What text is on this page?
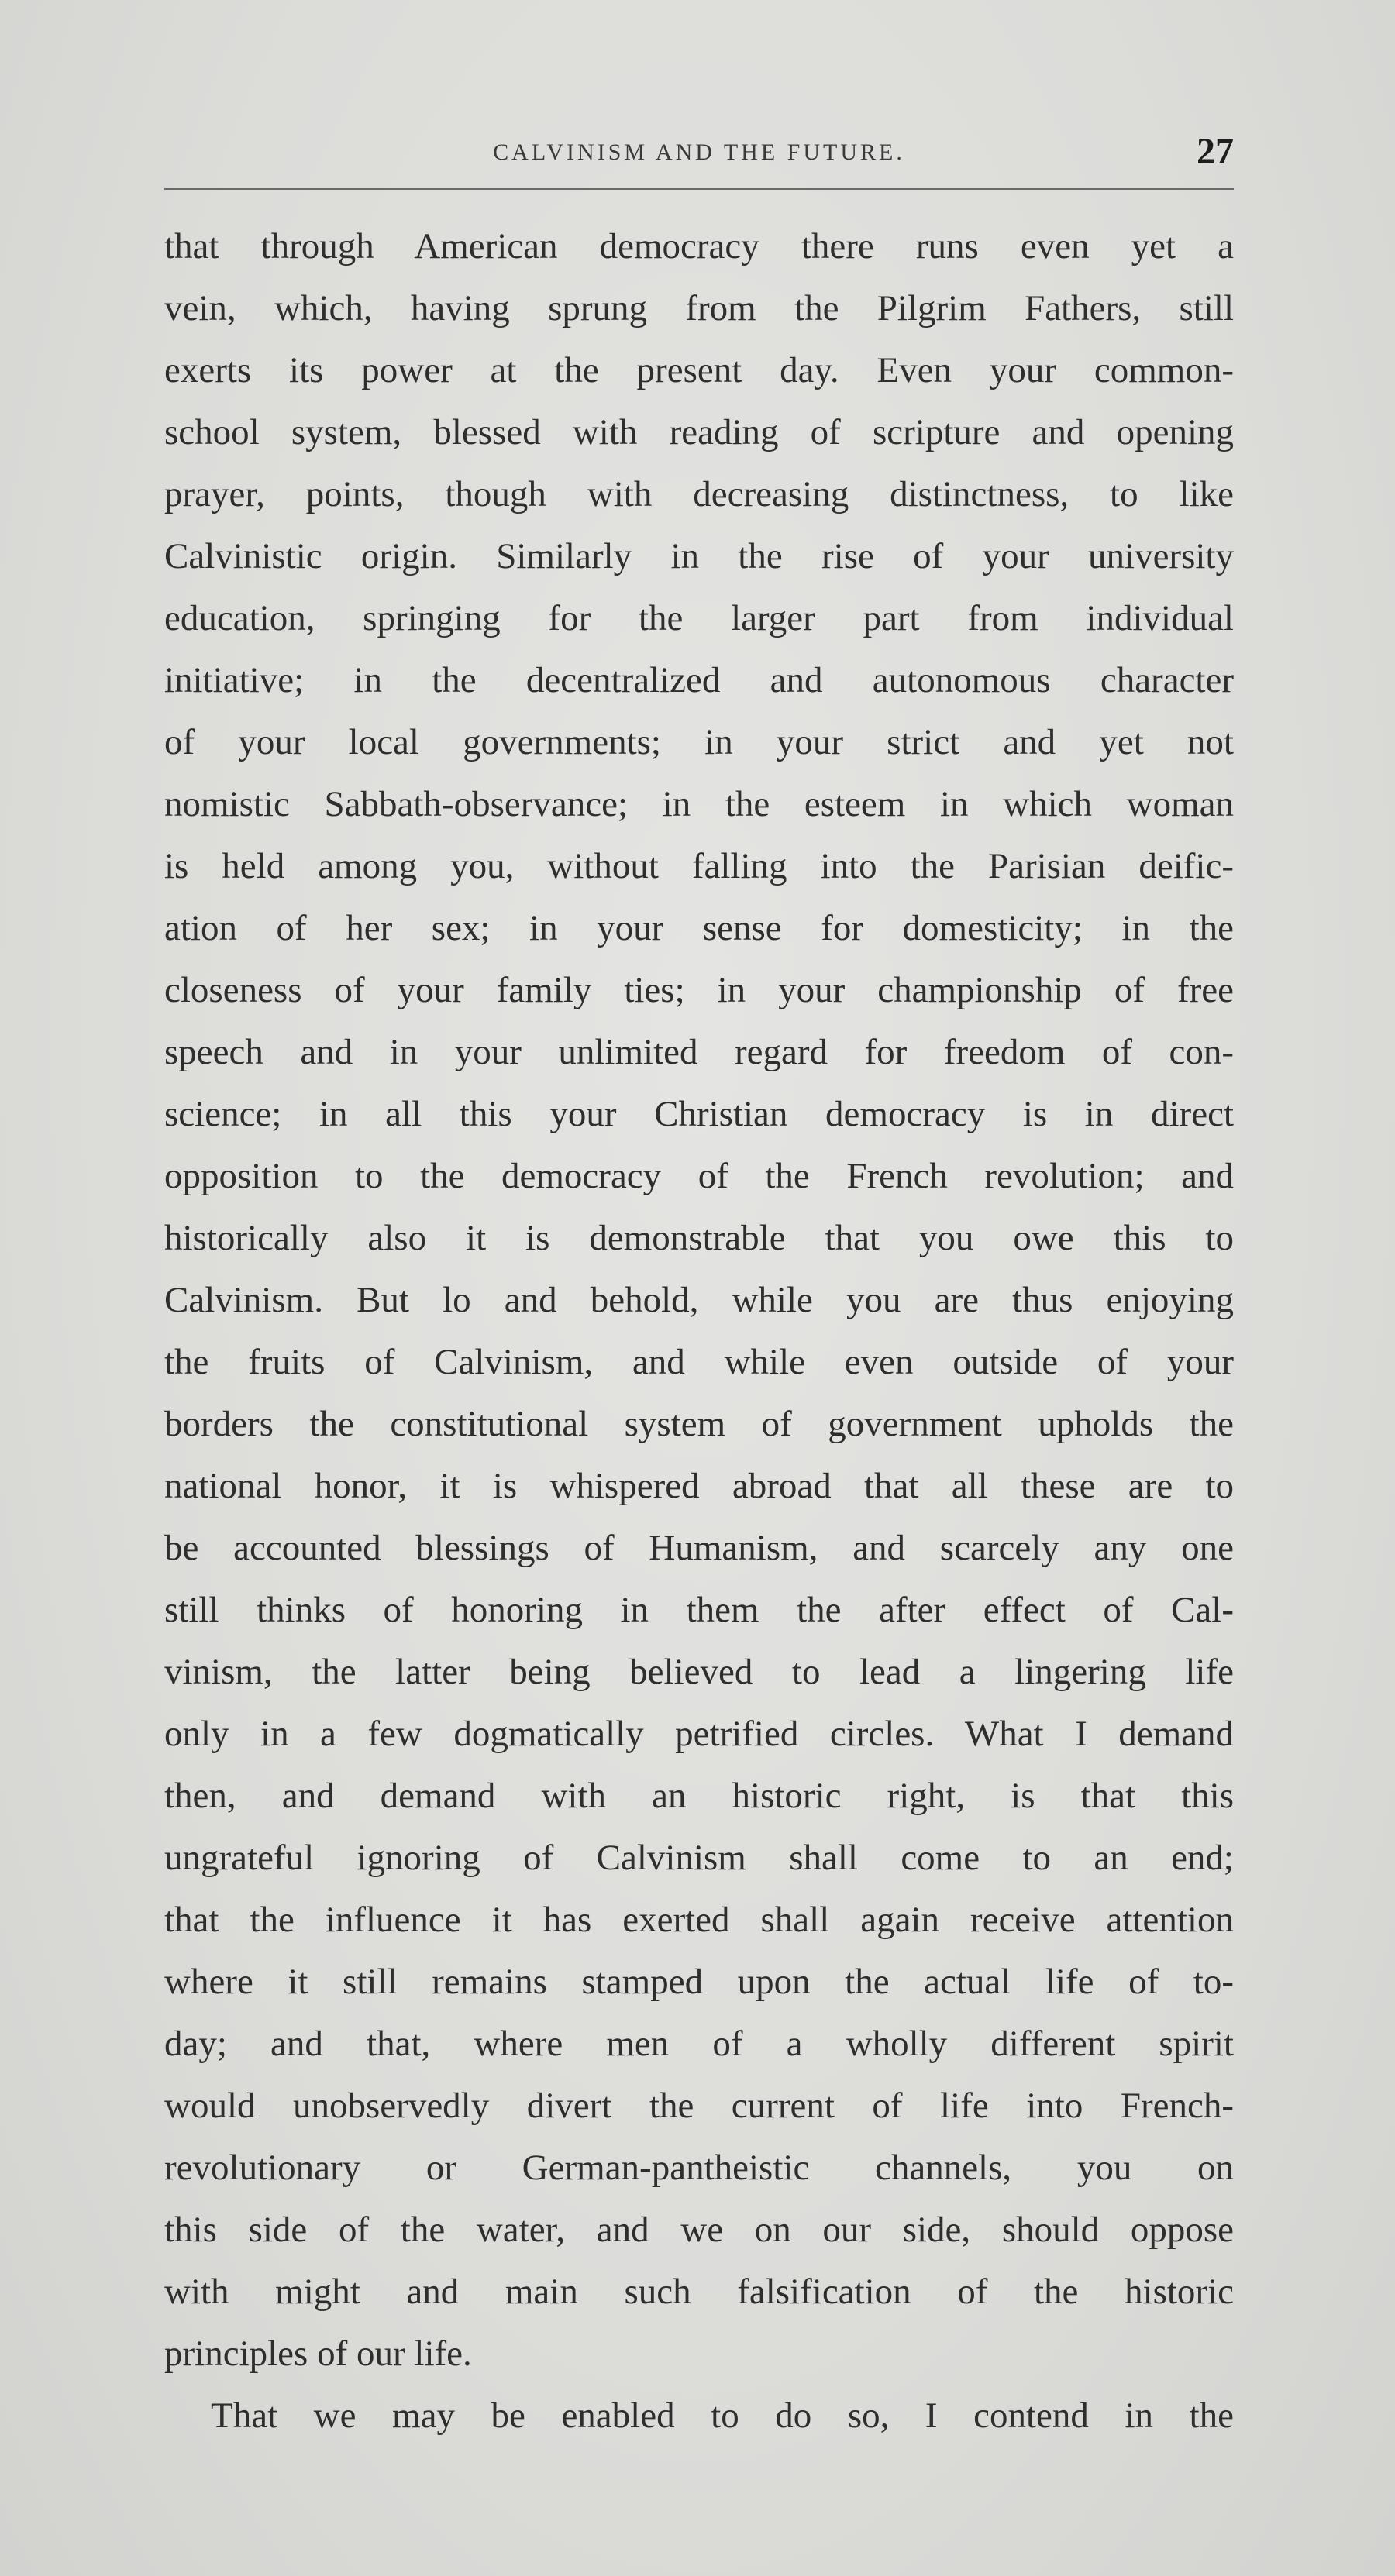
CALVINISM AND THE FUTURE.	27
that through American democracy there runs even yet a
vein, which, having sprung from the Pilgrim Fathers, still
exerts its power at the present day. Even your common-
school system, blessed with reading of scripture and opening
prayer, points, though with decreasing distinctness, to like
Calvinistic origin. Similarly in the rise of your university
education, springing for the larger part from individual
initiative; in the decentralized and autonomous character
of your local governments; in your strict and yet not
nomistic Sabbath-observance; in the esteem in which woman
is held among you, without falling into the Parisian deific-
ation of her sex; in your sense for domesticity; in the
closeness of your family ties; in your championship of free
speech and in your unlimited regard for freedom of con-
science; in all this your Christian democracy is in direct
opposition to the democracy of the French revolution; and
historically also it is demonstrable that you owe this to
Calvinism. But lo and behold, while you are thus enjoying
the fruits of Calvinism, and while even outside of your
borders the constitutional system of government upholds the
national honor, it is whispered abroad that all these are to
be accounted blessings of Humanism, and scarcely any one
still thinks of honoring in them the after effect of Cal-
vinism, the latter being believed to lead a lingering life
only in a few dogmatically petrified circles. What I demand
then, and demand with an historic right, is that this
ungrateful ignoring of Calvinism shall come to an end;
that the influence it has exerted shall again receive attention
where it still remains stamped upon the actual life of to-
day; and that, where men of a wholly different spirit
would unobservedly divert the current of life into French-
revolutionary or German-pantheistic channels, you on
this side of the water, and we on our side, should oppose
with might and main such falsification of the historic
principles of our life.
That we may be enabled to do so, I contend in the
